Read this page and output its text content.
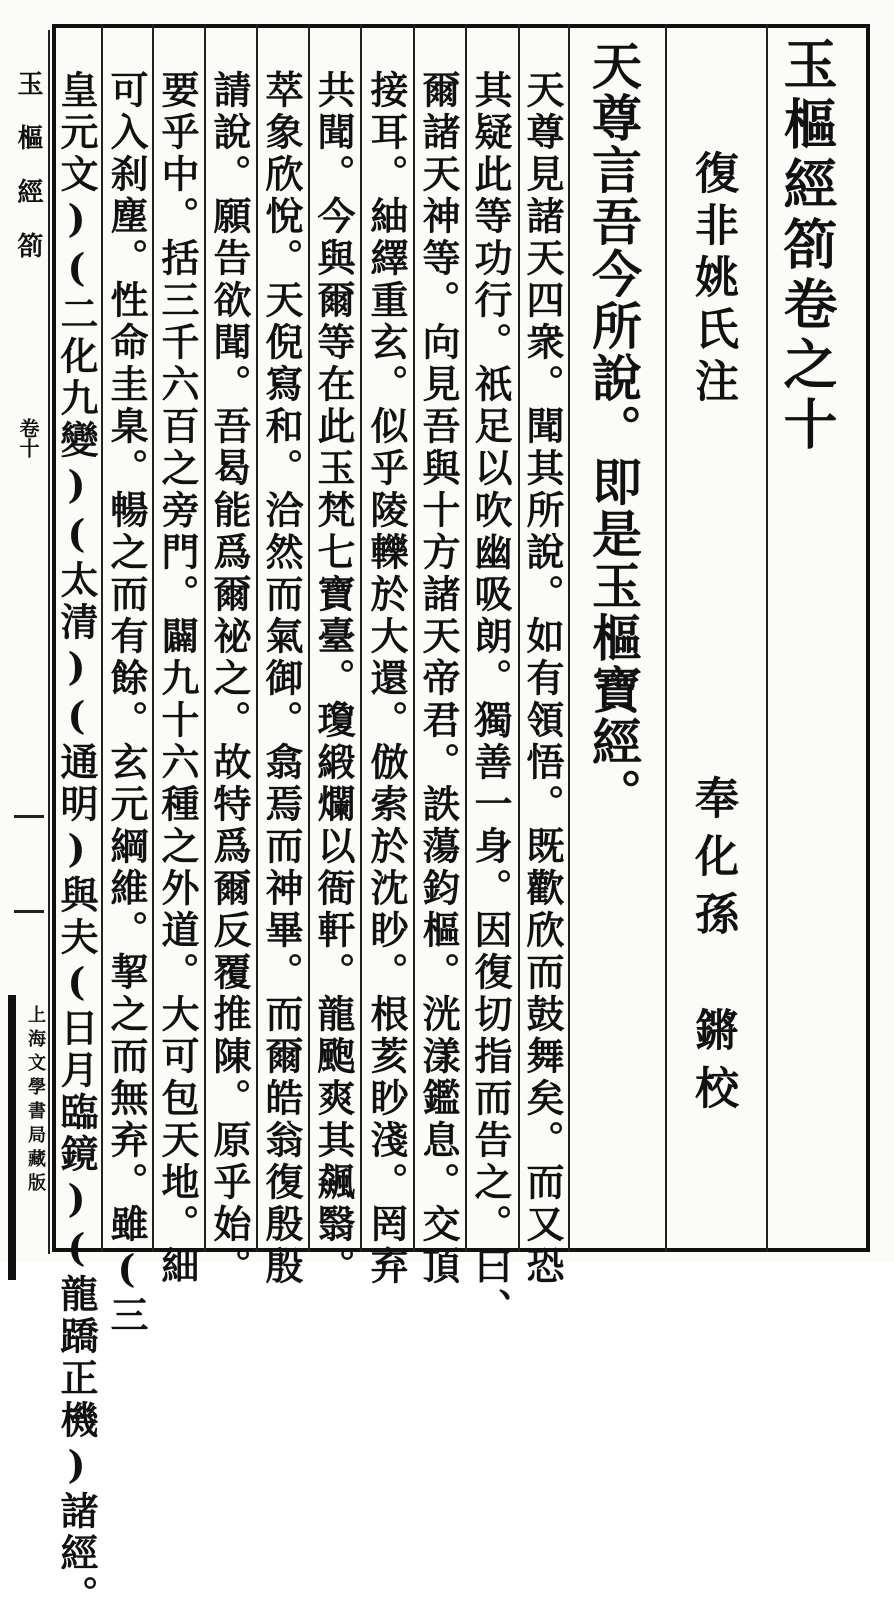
玉樞經箚
卷十
上海文學書局藏版
玉樞經箚卷之十
復非姚氏注
奉化孫　鏘校
天尊言吾今所說。即是玉樞寶經。
天尊見諸天四衆。聞其所說。如有領悟。既歡欣而鼓舞矣。而又恐
其疑此等功行。祇足以吹幽吸朗。獨善一身。因復切指而告之。曰、
爾諸天神等。向見吾與十方諸天帝君。詄蕩鈞樞。洸漾鑑息。交頂
接耳。紬繹重玄。似乎陵轢於大還。倣索於沈眇。根荄眇淺。罔弃
共聞。今與爾等在此玉梵七寶臺。瓊緞爛以衙軒。龍颮爽其飆翳。
萃象欣悅。天倪寫和。洽然而氣御。翕焉而神畢。而爾皓翁復殷殷
請說。願告欲聞。吾曷能爲爾祕之。故特爲爾反覆推陳。原乎始。
要乎中。括三千六百之旁門。闢九十六種之外道。大可包天地。細
可入刹塵。性命圭臬。暢之而有餘。玄元綱維。挈之而無弃。雖(三
皇元文)(二化九變)(太清)(通明)與夫(日月臨鏡)(龍蹻正機)諸經。
